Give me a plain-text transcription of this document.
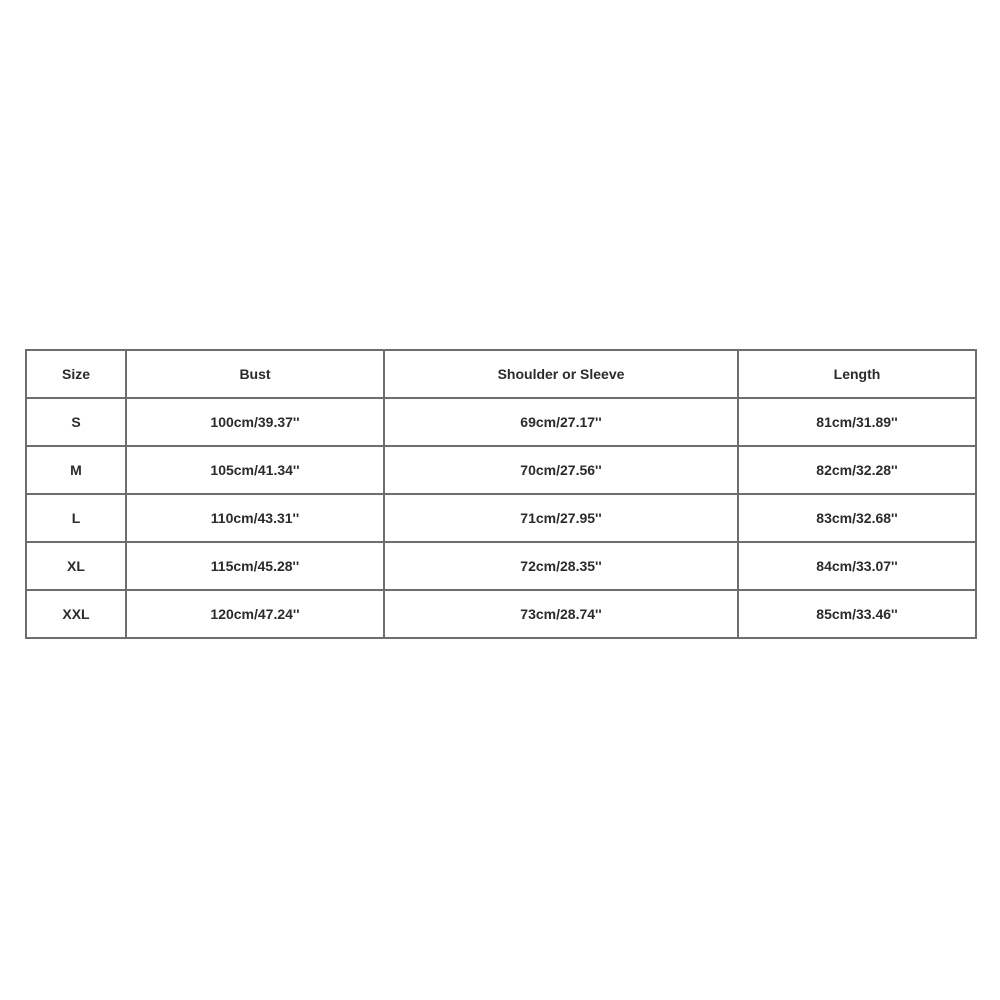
Size	Bust	Shoulder or Sleeve	Length
S	100cm/39.37''	69cm/27.17''	81cm/31.89''
M	105cm/41.34''	70cm/27.56''	82cm/32.28''
L	110cm/43.31''	71cm/27.95''	83cm/32.68''
XL	115cm/45.28''	72cm/28.35''	84cm/33.07''
XXL	120cm/47.24''	73cm/28.74''	85cm/33.46''
